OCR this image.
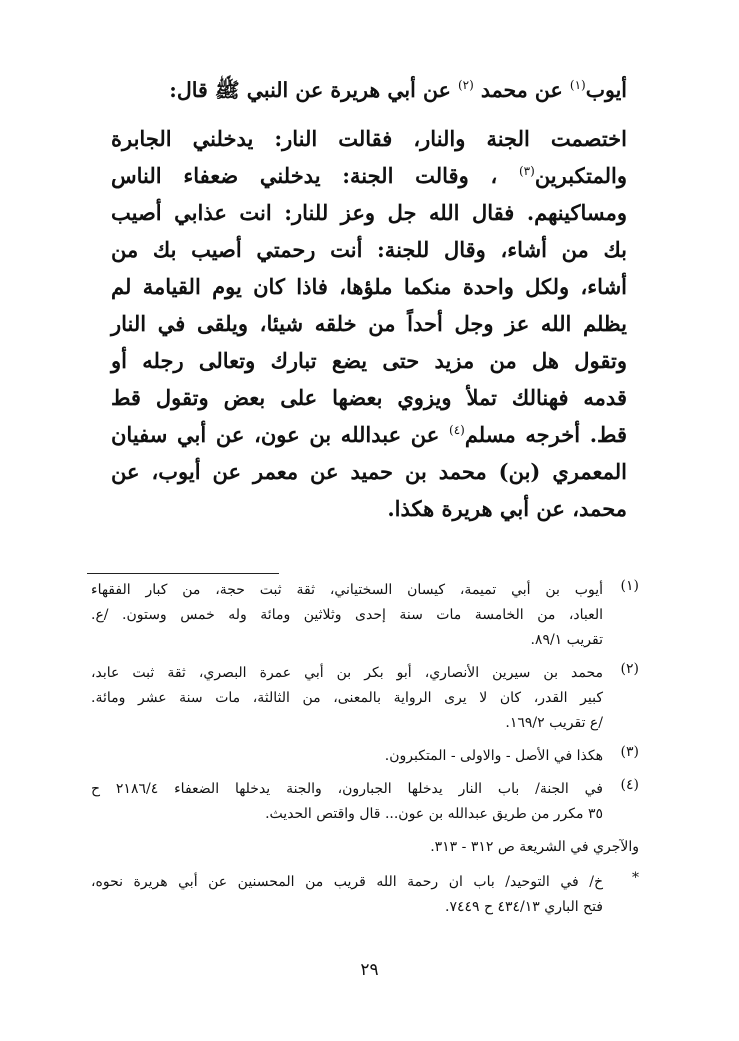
أيوب$^{(١)}$ عن محمد $^{(٢)}$ عن أبي هريرة عن النبي ﷺ قال:
اختصمت الجنة والنار، فقالت النار: يدخلني الجابرة
والمتكبرين$^{(٣)}$ ، وقالت الجنة: يدخلني ضعفاء الناس
ومساكينهم. فقال الله جل وعز للنار: انت عذابي أصيب
بك من أشاء، وقال للجنة: أنت رحمتي أصيب بك من
أشاء، ولكل واحدة منكما ملؤها، فاذا كان يوم القيامة لم
يظلم الله عز وجل أحداً من خلقه شيئا، ويلقى في النار
وتقول هل من مزيد حتى يضع تبارك وتعالى رجله أو
قدمه فهنالك تملأ ويزوي بعضها على بعض وتقول قط
قط. أخرجه مسلم$^{(٤)}$ عن عبدالله بن عون، عن أبي سفيان
المعمري (بن) محمد بن حميد عن معمر عن أيوب، عن
محمد، عن أبي هريرة هكذا.
(١)
أيوب بن أبي تميمة، كيسان السختياني، ثقة ثبت حجة، من كبار الفقهاء
العباد، من الخامسة مات سنة إحدى وثلاثين ومائة وله خمس وستون. /ع.
تقريب ٨٩/١.
(٢)
محمد بن سيرين الأنصاري، أبو بكر بن أبي عمرة البصري، ثقة ثبت عابد،
كبير القدر، كان لا يرى الرواية بالمعنى، من الثالثة، مات سنة عشر ومائة.
/ع تقريب ١٦٩/٢.
(٣)
هكذا في الأصل - والاولى - المتكبرون.
(٤)
في الجنة/ باب النار يدخلها الجبارون، والجنة يدخلها الضعفاء ٢١٨٦/٤ ح
٣٥ مكرر من طريق عبدالله بن عون... قال واقتص الحديث.
والآجري في الشريعة ص ٣١٢ - ٣١٣.
*
خ/ في التوحيد/ باب ان رحمة الله قريب من المحسنين عن أبي هريرة نحوه،
فتح الباري ٤٣٤/١٣ ح ٧٤٤٩.
٢٩
